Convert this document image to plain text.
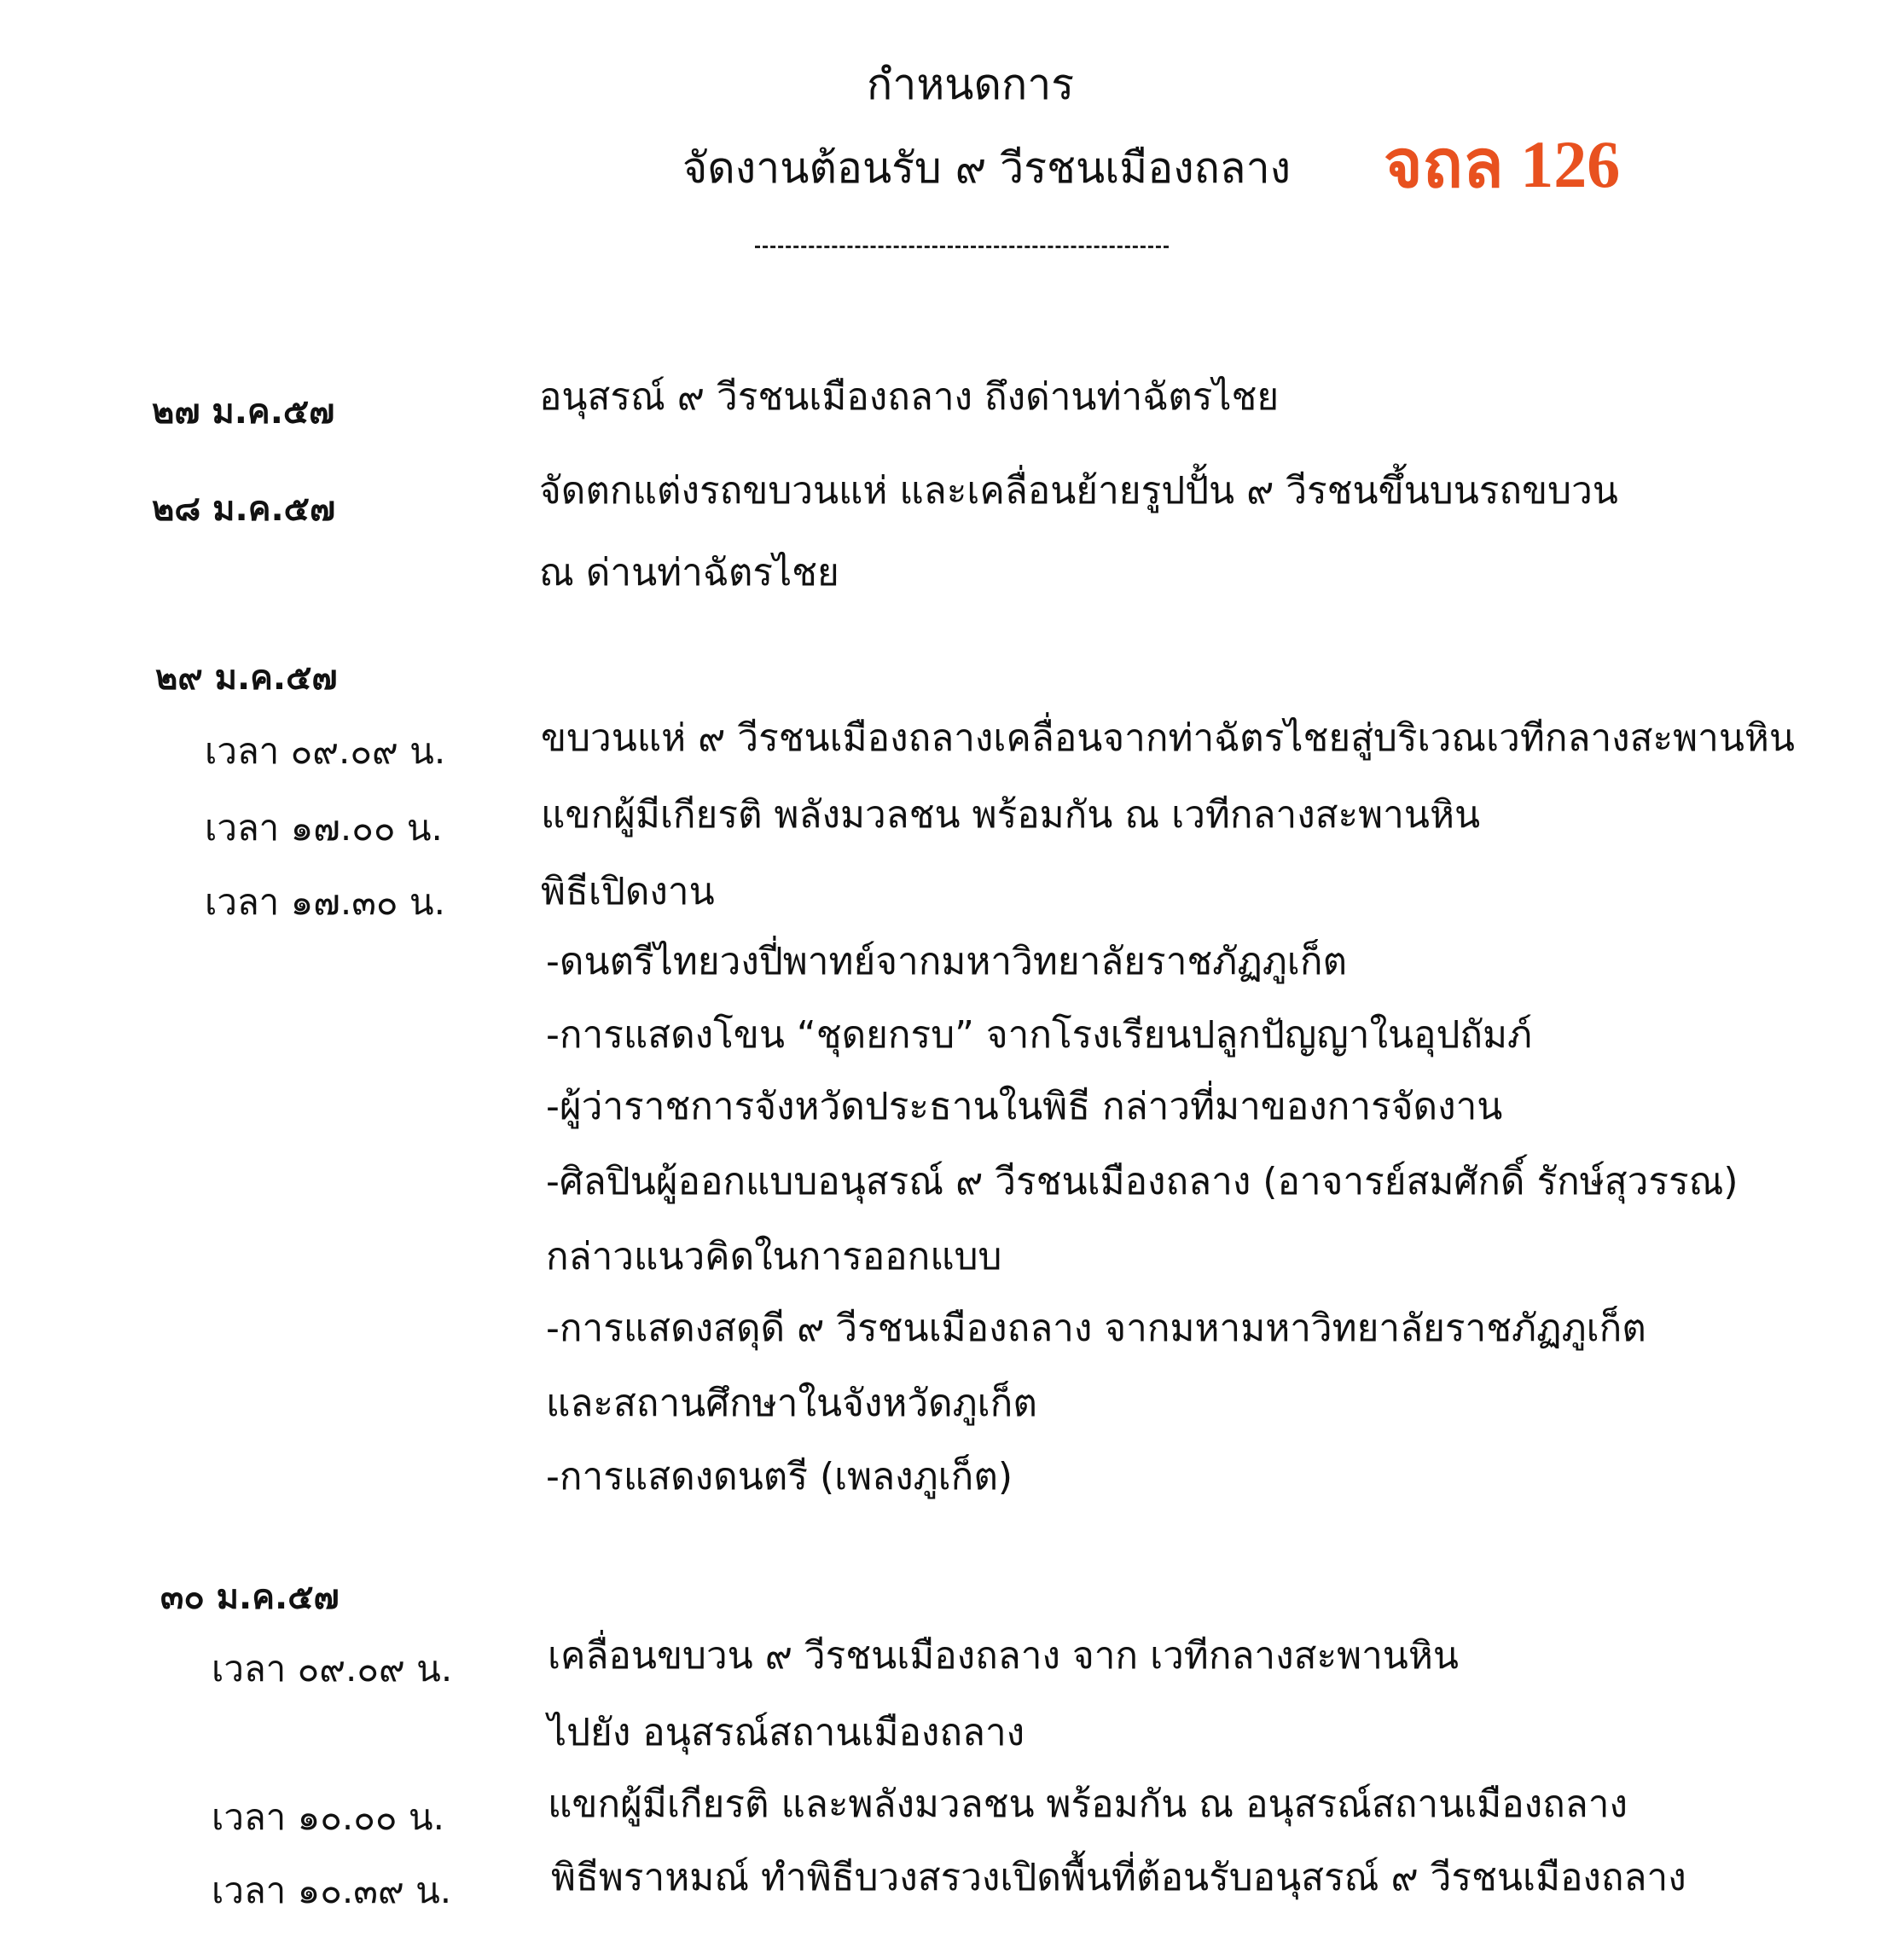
กำหนดการ
จัดงานต้อนรับ ๙ วีรชนเมืองถลาง จถล 126
๒๗ ม.ค.๕๗	อนุสรณ์ ๙ วีรชนเมืองถลาง ถึงด่านท่าฉัตรไชย
๒๘ ม.ค.๕๗	จัดตกแต่งรถขบวนแห่ และเคลื่อนย้ายรูปปั้น ๙ วีรชนขึ้นบนรถขบวน
ณ ด่านท่าฉัตรไชย
๒๙ ม.ค.๕๗
เวลา ๐๙.๐๙ น.	ขบวนแห่ ๙ วีรชนเมืองถลางเคลื่อนจากท่าฉัตรไชยสู่บริเวณเวทีกลางสะพานหิน
เวลา ๑๗.๐๐ น.	แขกผู้มีเกียรติ พลังมวลชน พร้อมกัน ณ เวทีกลางสะพานหิน
เวลา ๑๗.๓๐ น.	พิธีเปิดงาน
-ดนตรีไทยวงปี่พาทย์จากมหาวิทยาลัยราชภัฏภูเก็ต
-การแสดงโขน “ชุดยกรบ” จากโรงเรียนปลูกปัญญาในอุปถัมภ์
-ผู้ว่าราชการจังหวัดประธานในพิธี กล่าวที่มาของการจัดงาน
-ศิลปินผู้ออกแบบอนุสรณ์ ๙ วีรชนเมืองถลาง (อาจารย์สมศักดิ์ รักษ์สุวรรณ)
กล่าวแนวคิดในการออกแบบ
-การแสดงสดุดี ๙ วีรชนเมืองถลาง จากมหามหาวิทยาลัยราชภัฏภูเก็ต
และสถานศึกษาในจังหวัดภูเก็ต
-การแสดงดนตรี (เพลงภูเก็ต)
๓๐ ม.ค.๕๗
เวลา ๐๙.๐๙ น.	เคลื่อนขบวน ๙ วีรชนเมืองถลาง จาก เวทีกลางสะพานหิน
ไปยัง อนุสรณ์สถานเมืองถลาง
เวลา ๑๐.๐๐ น.	แขกผู้มีเกียรติ และพลังมวลชน พร้อมกัน ณ อนุสรณ์สถานเมืองถลาง
เวลา ๑๐.๓๙ น.	พิธีพราหมณ์ ทำพิธีบวงสรวงเปิดพื้นที่ต้อนรับอนุสรณ์ ๙ วีรชนเมืองถลาง
